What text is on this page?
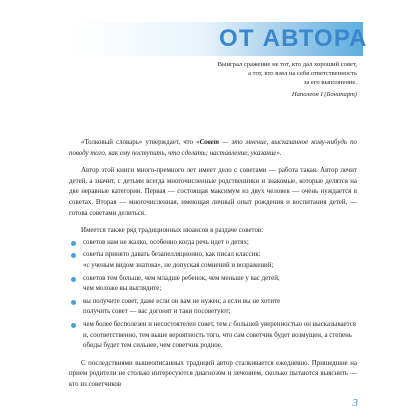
ОТ АВТОРА
Выиграл сражение не тот, кто дал хороший совет,
а тот, кто взял на себя ответственность
за его выполнение.
Наполеон I (Бонапарт)

«Толковый словарь» утверждает, что «Совет — это мнение, высказанное кому-нибудь по поводу того, как ему поступить, что сделать; наставление, указание».

Автор этой книги много-премного лет имеет дело с советами — работа такая. Автор лечит детей, а значит, с детьми всегда многочисленные родственники и знакомые, которые делятся на две неравные категории. Первая — состоящая максимум из двух человек — очень нуждается в советах. Вторая — многочисленная, имеющая личный опыт рождения и воспитания детей, — готова советами делиться.

Имеется также ряд традиционных нюансов в раздаче советов:

советов нам не жалко, особенно когда речь идет о детях;
советы принято давать безапелляционно, как писал классик:
«с ученым видом знатока», не допуская сомнений и возражений;
советов тем больше, чем младше ребенок, чем меньше у вас детей,
чем моложе вы выглядите;
вы получите совет, даже если он вам не нужен, а если вы не хотите
получить совет — вас догонят и таки посоветуют;
чем более бесполезен и несостоятелен совет, тем с большей уверенностью он высказывается и, соответственно, тем выше вероятность того, что сам советчик будет возмущен, а степень обиды будет тем сильнее, чем советчик родное.

С последствиями вышеописанных традиций автор сталкивается ежедневно. Пришедшие на прием родители не столько интересуются диагнозом и лечением, сколько пытаются выяснить — кто из советчиков

3
